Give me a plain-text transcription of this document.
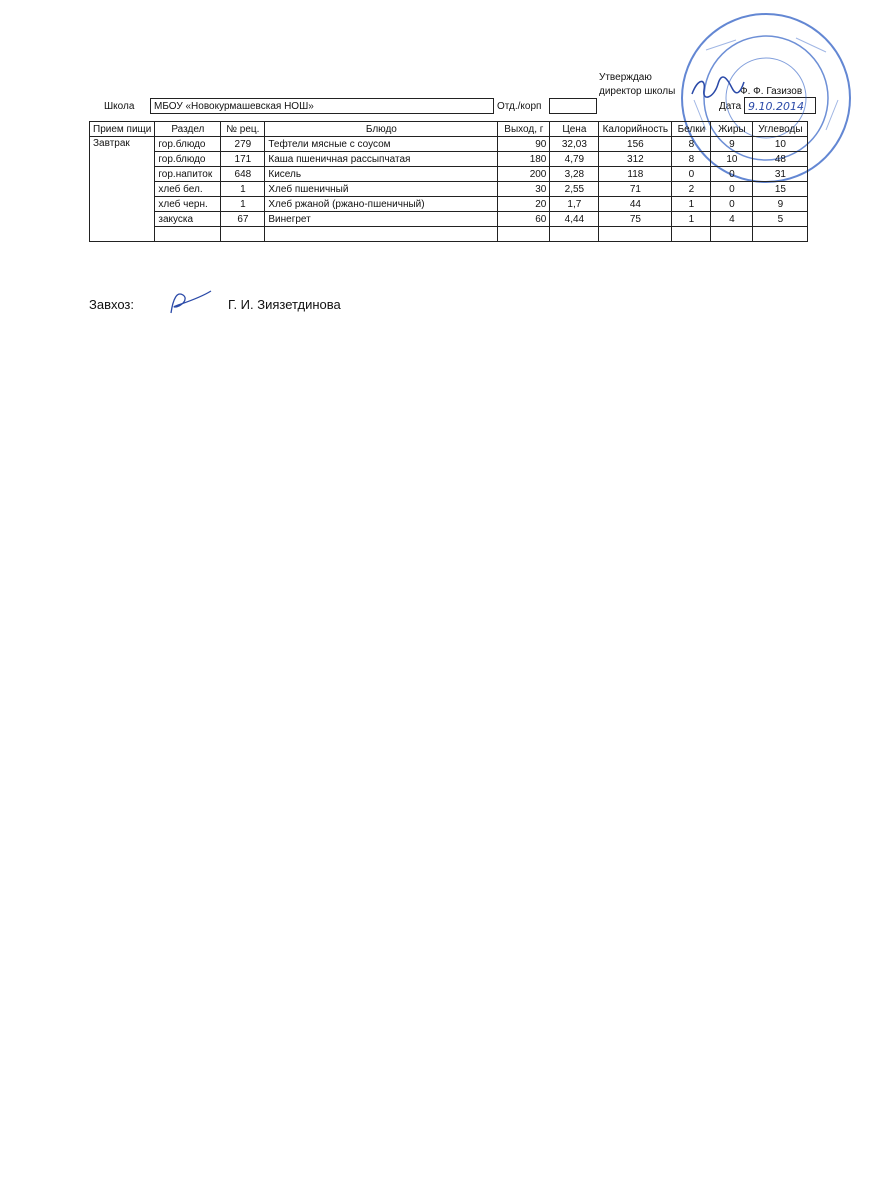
Утверждаю
директор школы	Ф. Ф. Газизов
Школа	МБОУ «Новокурмашевская НОШ»	Отд./корп	Дата 9.10.2014
Прием пищи	Раздел	№ рец.	Блюдо	Выход, г	Цена	Калорийность	Белки	Жиры	Углеводы
Завтрак	гор.блюдо	279	Тефтели мясные с соусом	90	32,03	156	8	9	10
	гор.блюдо	171	Каша пшеничная рассыпчатая	180	4,79	312	8	10	48
	гор.напиток	648	Кисель	200	3,28	118	0	0	31
	хлеб бел.	1	Хлеб пшеничный	30	2,55	71	2	0	15
	хлеб черн.	1	Хлеб ржаной (ржано-пшеничный)	20	1,7	44	1	0	9
	закуска	67	Винегрет	60	4,44	75	1	4	5

Завхоз:	Г. И. Зиязетдинова
